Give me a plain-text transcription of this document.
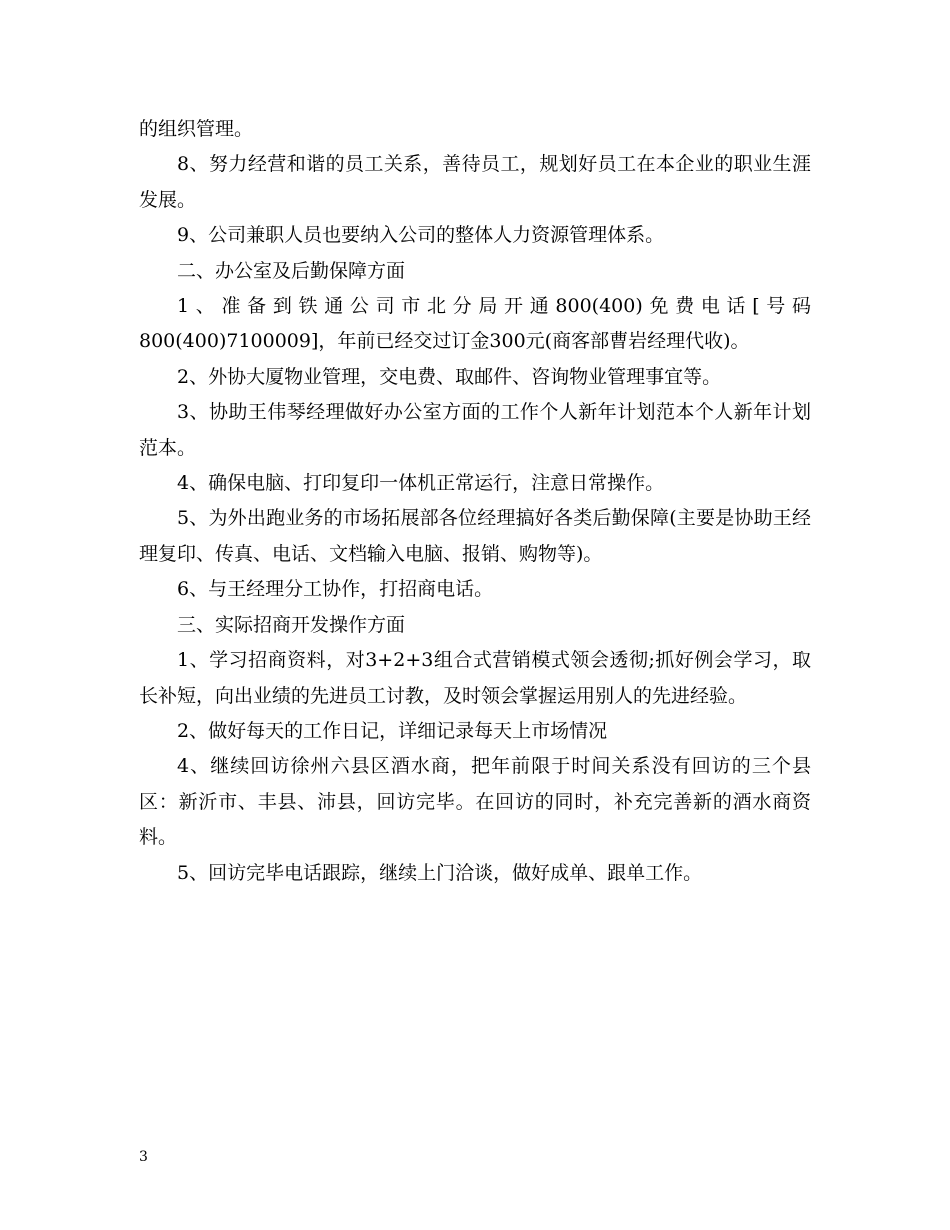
的组织管理。

8、努力经营和谐的员工关系，善待员工，规划好员工在本企业的职业生涯发展。

9、公司兼职人员也要纳入公司的整体人力资源管理体系。

二、办公室及后勤保障方面

1、准备到铁通公司市北分局开通800(400)免费电话[号码800(400)7100009]，年前已经交过订金300元(商客部曹岩经理代收)。

2、外协大厦物业管理，交电费、取邮件、咨询物业管理事宜等。

3、协助王伟琴经理做好办公室方面的工作个人新年计划范本个人新年计划范本。

4、确保电脑、打印复印一体机正常运行，注意日常操作。

5、为外出跑业务的市场拓展部各位经理搞好各类后勤保障(主要是协助王经理复印、传真、电话、文档输入电脑、报销、购物等)。

6、与王经理分工协作，打招商电话。

三、实际招商开发操作方面

1、学习招商资料，对3+2+3组合式营销模式领会透彻;抓好例会学习，取长补短，向出业绩的先进员工讨教，及时领会掌握运用别人的先进经验。

2、做好每天的工作日记，详细记录每天上市场情况

4、继续回访徐州六县区酒水商，把年前限于时间关系没有回访的三个县区：新沂市、丰县、沛县，回访完毕。在回访的同时，补充完善新的酒水商资料。

5、回访完毕电话跟踪，继续上门洽谈，做好成单、跟单工作。

3
